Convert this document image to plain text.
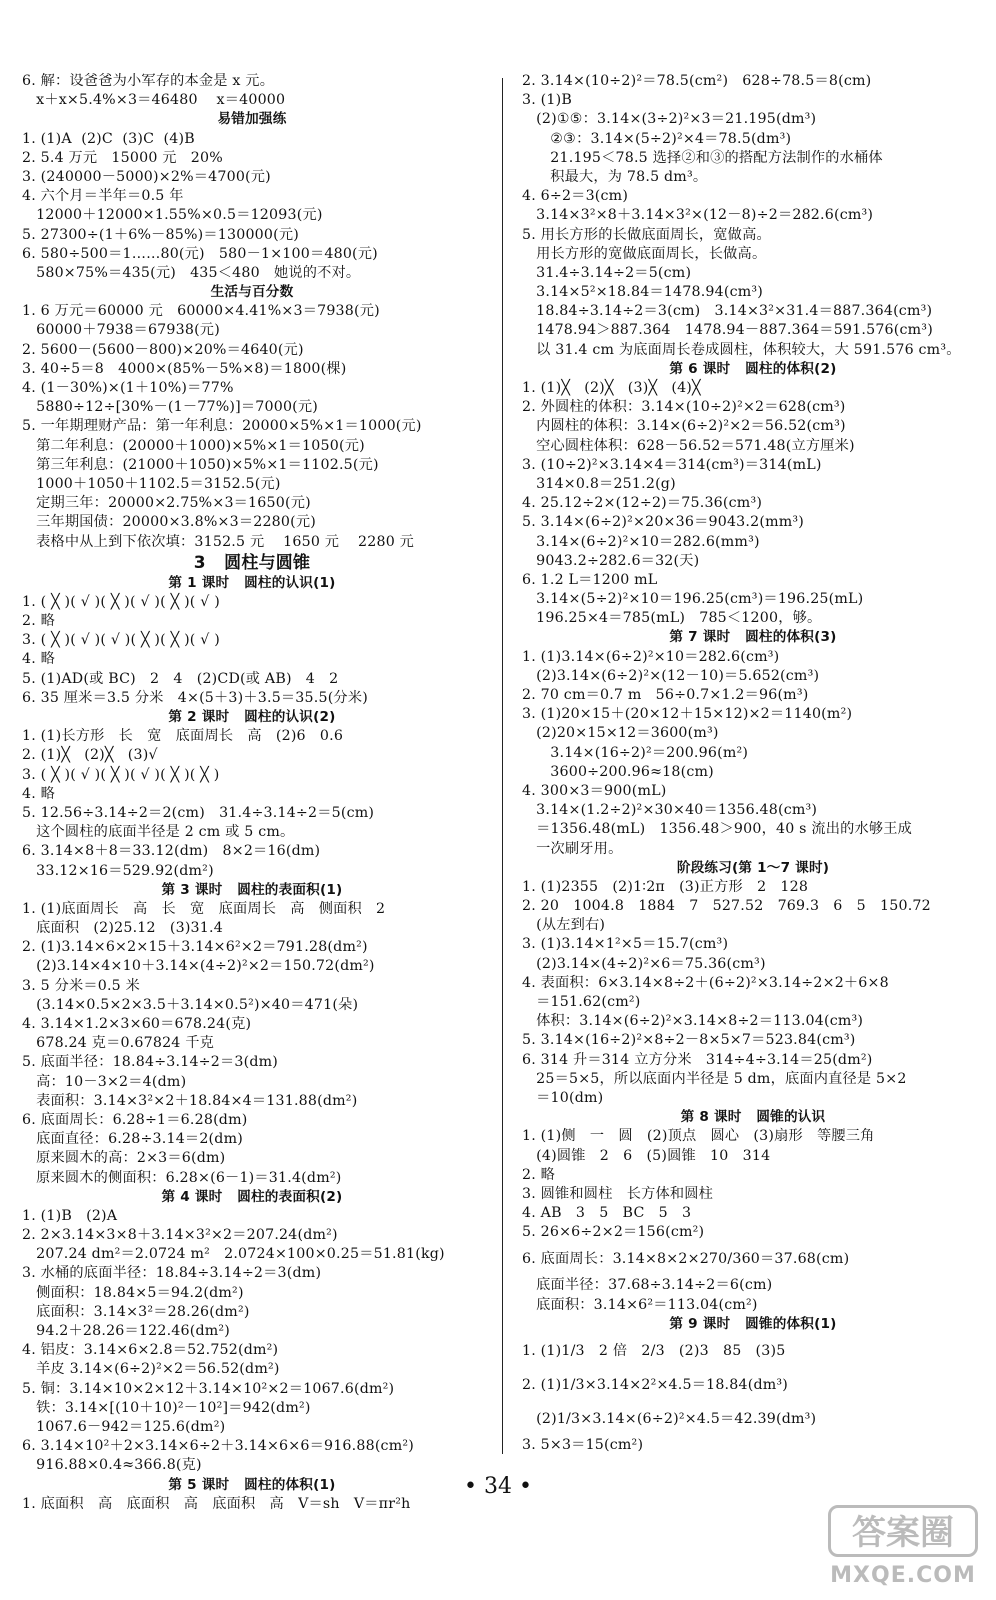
6. 解：设爸爸为小军存的本金是 x 元。
x＋x×5.4%×3＝46480    x＝40000
易错加强练
1. (1)A  (2)C  (3)C  (4)B
2. 5.4 万元   15000 元   20%
3. (240000－5000)×2%＝4700(元)
4. 六个月＝半年＝0.5 年
12000＋12000×1.55%×0.5＝12093(元)
5. 27300÷(1＋6%－85%)＝130000(元)
6. 580÷500＝1……80(元)   580－1×100＝480(元)
580×75%＝435(元)   435＜480   她说的不对。
生活与百分数
1. 6 万元＝60000 元   60000×4.41%×3＝7938(元)
60000＋7938＝67938(元)
2. 5600－(5600－800)×20%＝4640(元)
3. 40÷5＝8   4000×(85%－5%×8)＝1800(棵)
4. (1－30%)×(1＋10%)＝77%
5880÷12÷[30%－(1－77%)]＝7000(元)
5. 一年期理财产品：第一年利息：20000×5%×1＝1000(元)
第二年利息：(20000＋1000)×5%×1＝1050(元)
第三年利息：(21000＋1050)×5%×1＝1102.5(元)
1000＋1050＋1102.5＝3152.5(元)
定期三年：20000×2.75%×3＝1650(元)
三年期国债：20000×3.8%×3＝2280(元)
表格中从上到下依次填：3152.5 元    1650 元    2280 元
3   圆柱与圆锥
第 1 课时   圆柱的认识(1)
1. ( ╳ )( √ )( ╳ )( √ )( ╳ )( √ )
2. 略
3. ( ╳ )( √ )( √ )( ╳ )( ╳ )( √ )
4. 略
5. (1)AD(或 BC)   2   4   (2)CD(或 AB)   4   2
6. 35 厘米＝3.5 分米   4×(5＋3)＋3.5＝35.5(分米)
第 2 课时   圆柱的认识(2)
1. (1)长方形   长   宽   底面周长   高   (2)6   0.6
2. (1)╳   (2)╳   (3)√
3. ( ╳ )( √ )( ╳ )( √ )( ╳ )( ╳ )
4. 略
5. 12.56÷3.14÷2＝2(cm)   31.4÷3.14÷2＝5(cm)
这个圆柱的底面半径是 2 cm 或 5 cm。
6. 3.14×8＋8＝33.12(dm)   8×2＝16(dm)
33.12×16＝529.92(dm²)
第 3 课时   圆柱的表面积(1)
1. (1)底面周长   高   长   宽   底面周长   高   侧面积   2
底面积   (2)25.12   (3)31.4
2. (1)3.14×6×2×15＋3.14×6²×2＝791.28(dm²)
(2)3.14×4×10＋3.14×(4÷2)²×2＝150.72(dm²)
3. 5 分米＝0.5 米
(3.14×0.5×2×3.5＋3.14×0.5²)×40＝471(朵)
4. 3.14×1.2×3×60＝678.24(克)
678.24 克＝0.67824 千克
5. 底面半径：18.84÷3.14÷2＝3(dm)
高：10－3×2＝4(dm)
表面积：3.14×3²×2＋18.84×4＝131.88(dm²)
6. 底面周长：6.28÷1＝6.28(dm)
底面直径：6.28÷3.14＝2(dm)
原来圆木的高：2×3＝6(dm)
原来圆木的侧面积：6.28×(6－1)＝31.4(dm²)
第 4 课时   圆柱的表面积(2)
1. (1)B   (2)A
2. 2×3.14×3×8＋3.14×3²×2＝207.24(dm²)
207.24 dm²＝2.0724 m²   2.0724×100×0.25＝51.81(kg)
3. 水桶的底面半径：18.84÷3.14÷2＝3(dm)
侧面积：18.84×5＝94.2(dm²)
底面积：3.14×3²＝28.26(dm²)
94.2＋28.26＝122.46(dm²)
4. 铝皮：3.14×6×2.8＝52.752(dm²)
羊皮 3.14×(6÷2)²×2＝56.52(dm²)
5. 铜：3.14×10×2×12＋3.14×10²×2＝1067.6(dm²)
铁：3.14×[(10＋10)²－10²]＝942(dm²)
1067.6－942＝125.6(dm²)
6. 3.14×10²＋2×3.14×6÷2＋3.14×6×6＝916.88(cm²)
916.88×0.4≈366.8(克)
第 5 课时   圆柱的体积(1)
1. 底面积   高   底面积   高   底面积   高   V＝sh   V＝πr²h
2. 3.14×(10÷2)²＝78.5(cm²)   628÷78.5＝8(cm)
3. (1)B
(2)①⑤：3.14×(3÷2)²×3＝21.195(dm³)
②③：3.14×(5÷2)²×4＝78.5(dm³)
21.195＜78.5 选择②和③的搭配方法制作的水桶体
积最大，为 78.5 dm³。
4. 6÷2＝3(cm)
3.14×3²×8＋3.14×3²×(12－8)÷2＝282.6(cm³)
5. 用长方形的长做底面周长，宽做高。
用长方形的宽做底面周长，长做高。
31.4÷3.14÷2＝5(cm)
3.14×5²×18.84＝1478.94(cm³)
18.84÷3.14÷2＝3(cm)   3.14×3²×31.4＝887.364(cm³)
1478.94＞887.364   1478.94－887.364＝591.576(cm³)
以 31.4 cm 为底面周长卷成圆柱，体积较大，大 591.576 cm³。
第 6 课时   圆柱的体积(2)
1. (1)╳   (2)╳   (3)╳   (4)╳
2. 外圆柱的体积：3.14×(10÷2)²×2＝628(cm³)
内圆柱的体积：3.14×(6÷2)²×2＝56.52(cm³)
空心圆柱体积：628－56.52＝571.48(立方厘米)
3. (10÷2)²×3.14×4＝314(cm³)＝314(mL)
314×0.8＝251.2(g)
4. 25.12÷2×(12÷2)＝75.36(cm³)
5. 3.14×(6÷2)²×20×36＝9043.2(mm³)
3.14×(6÷2)²×10＝282.6(mm³)
9043.2÷282.6＝32(天)
6. 1.2 L＝1200 mL
3.14×(5÷2)²×10＝196.25(cm³)＝196.25(mL)
196.25×4＝785(mL)   785＜1200，够。
第 7 课时   圆柱的体积(3)
1. (1)3.14×(6÷2)²×10＝282.6(cm³)
(2)3.14×(6÷2)²×(12－10)＝5.652(cm³)
2. 70 cm＝0.7 m   56÷0.7×1.2＝96(m³)
3. (1)20×15＋(20×12＋15×12)×2＝1140(m²)
(2)20×15×12＝3600(m³)
3.14×(16÷2)²＝200.96(m²)
3600÷200.96≈18(cm)
4. 300×3＝900(mL)
3.14×(1.2÷2)²×30×40＝1356.48(cm³)
＝1356.48(mL)   1356.48＞900，40 s 流出的水够王成
一次刷牙用。
阶段练习(第 1～7 课时)
1. (1)2355   (2)1∶2π   (3)正方形   2   128
2. 20   1004.8   1884   7   527.52   769.3   6   5   150.72
(从左到右)
3. (1)3.14×1²×5＝15.7(cm³)
(2)3.14×(4÷2)²×6＝75.36(cm³)
4. 表面积：6×3.14×8÷2＋(6÷2)²×3.14÷2×2＋6×8
＝151.62(cm²)
体积：3.14×(6÷2)²×3.14×8÷2＝113.04(cm³)
5. 3.14×(16÷2)²×8÷2－8×5×7＝523.84(cm³)
6. 314 升＝314 立方分米   314÷4÷3.14＝25(dm²)
25＝5×5，所以底面内半径是 5 dm，底面内直径是 5×2
＝10(dm)
第 8 课时   圆锥的认识
1. (1)侧   一   圆   (2)顶点   圆心   (3)扇形   等腰三角
(4)圆锥   2   6   (5)圆锥   10   314
2. 略
3. 圆锥和圆柱   长方体和圆柱
4. AB   3   5   BC   5   3
5. 26×6÷2×2＝156(cm²)
6. 底面周长：3.14×8×2×270/360＝37.68(cm)
底面半径：37.68÷3.14÷2＝6(cm)
底面积：3.14×6²＝113.04(cm²)
第 9 课时   圆锥的体积(1)
1. (1)1/3   2 倍   2/3   (2)3   85   (3)5
2. (1)1/3×3.14×2²×4.5＝18.84(dm³)
(2)1/3×3.14×(6÷2)²×4.5＝42.39(dm³)
3. 5×3＝15(cm²)
• 34 •
答案圈
MXQE.COM
